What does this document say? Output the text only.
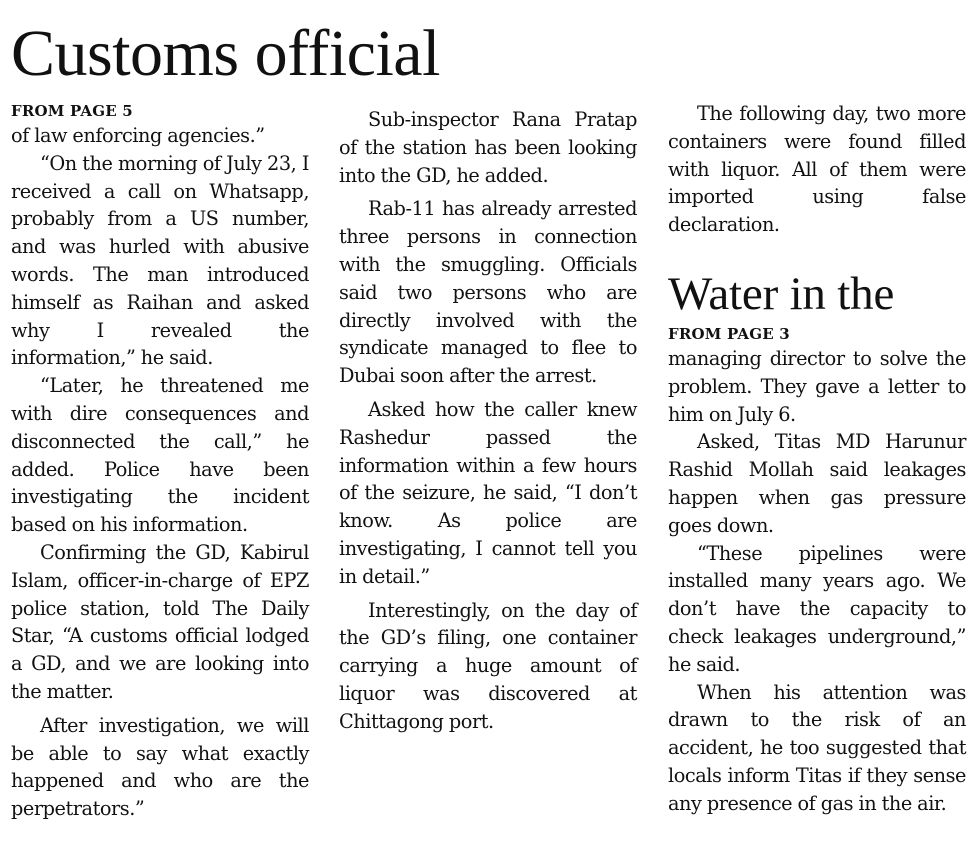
Customs official
FROM PAGE 5

of law enforcing agencies.”

“On the morning of July 23, I received a call on Whatsapp, probably from a US number, and was hurled with abusive words. The man introduced himself as Raihan and asked why I revealed the information,” he said.

“Later, he threatened me with dire consequences and disconnected the call,” he added. Police have been investigating the incident based on his information.

Confirming the GD, Kabirul Islam, officer-in-charge of EPZ police station, told The Daily Star, “A customs official lodged a GD, and we are looking into the matter.

After investigation, we will be able to say what exactly happened and who are the perpetrators.”

Sub-inspector Rana Pratap of the station has been looking into the GD, he added.

Rab-11 has already arrested three persons in connection with the smuggling. Officials said two persons who are directly involved with the syndicate managed to flee to Dubai soon after the arrest.

Asked how the caller knew Rashedur passed the information within a few hours of the seizure, he said, “I don’t know. As police are investigating, I cannot tell you in detail.”

Interestingly, on the day of the GD’s filing, one container carrying a huge amount of liquor was discovered at Chittagong port.

The following day, two more containers were found filled with liquor. All of them were imported using false declaration.

Water in the
FROM PAGE 3

managing director to solve the problem. They gave a letter to him on July 6.

Asked, Titas MD Harunur Rashid Mollah said leakages happen when gas pressure goes down.

“These pipelines were installed many years ago. We don’t have the capacity to check leakages underground,” he said.

When his attention was drawn to the risk of an accident, he too suggested that locals inform Titas if they sense any presence of gas in the air.
